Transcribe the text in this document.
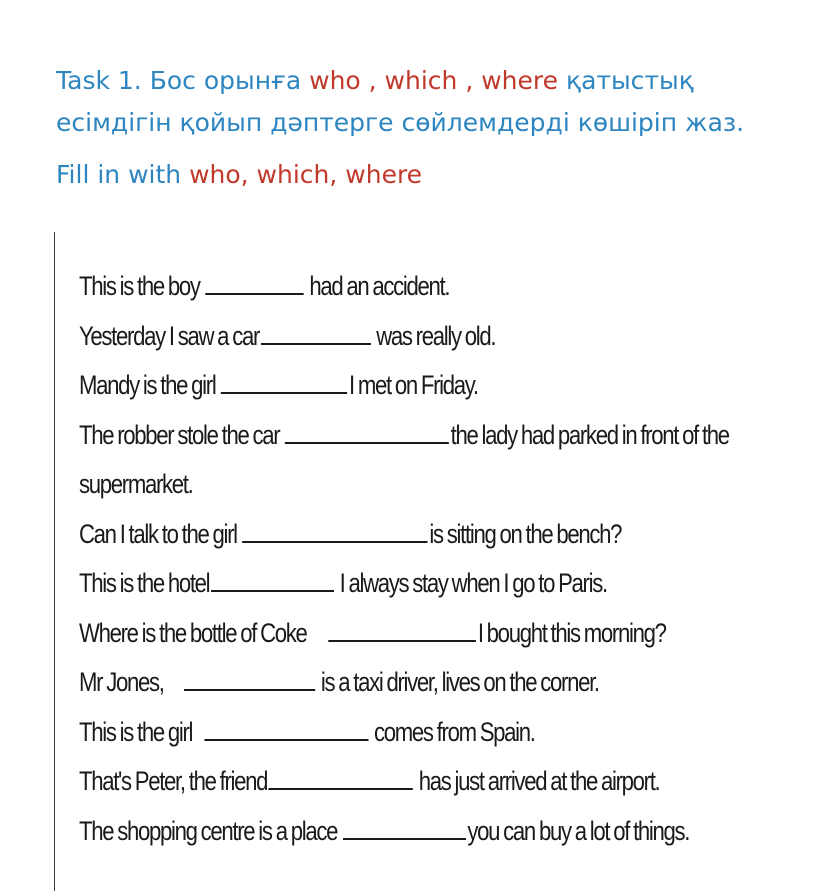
Task 1. Бос орынға who , which , where қатыстық
есімдігін қойып дәптерге сөйлемдерді көшіріп жаз.
Fill in with who, which, where
This is the boy	had an accident.
Yesterday I saw a car	was really old.
Mandy is the girl	I met on Friday.
The robber stole the car	the lady had parked in front of the
supermarket.
Can I talk to the girl	is sitting on the bench?
This is the hotel	I always stay when I go to Paris.
Where is the bottle of Coke	I bought this morning?
Mr Jones,	is a taxi driver, lives on the corner.
This is the girl	comes from Spain.
That's Peter, the friend	has just arrived at the airport.
The shopping centre is a place	you can buy a lot of things.
